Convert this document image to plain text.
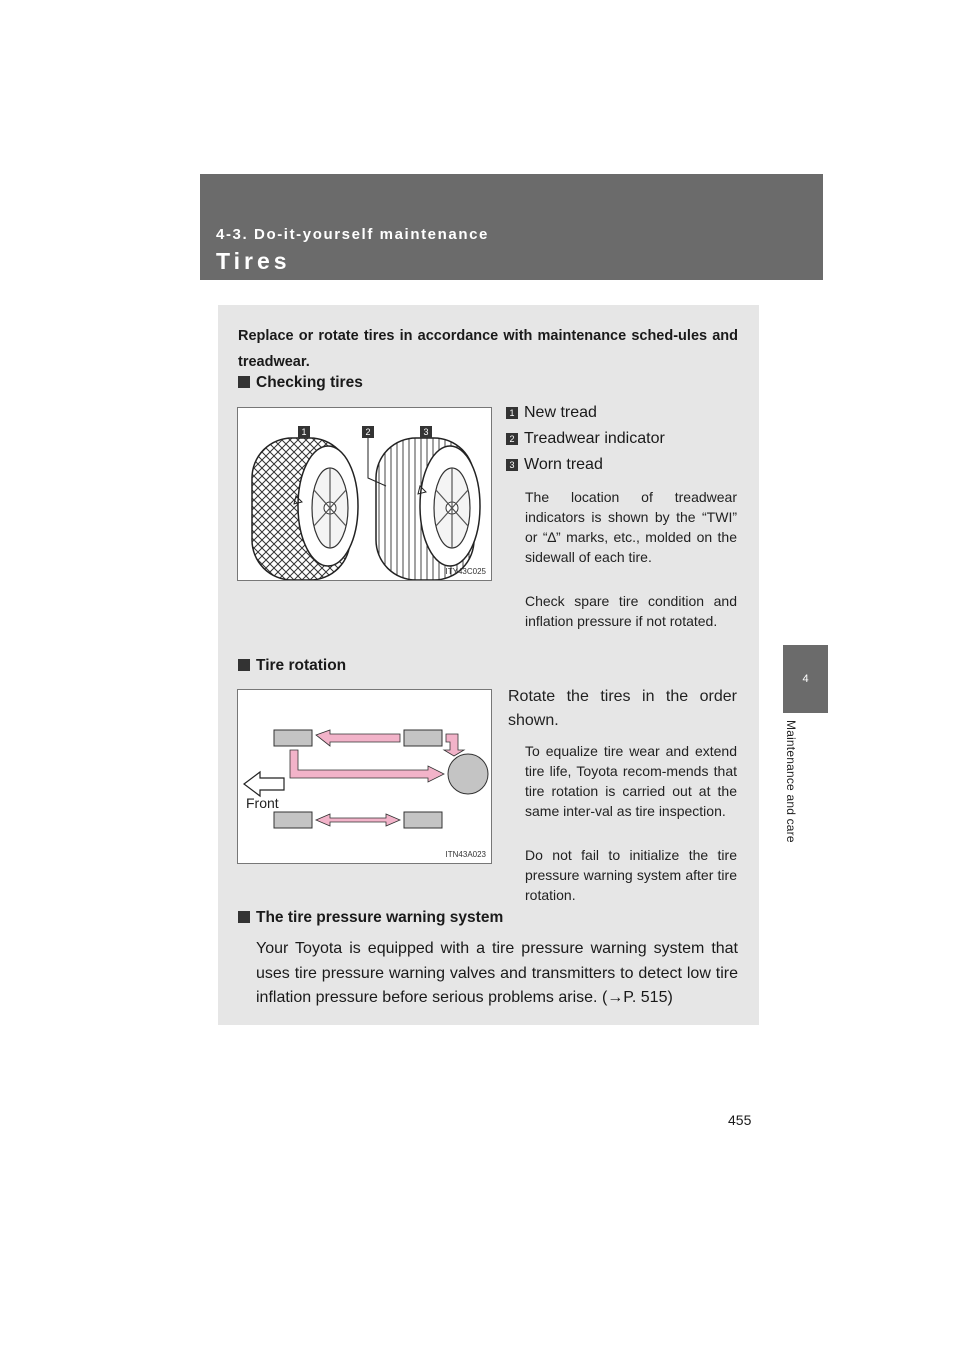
4-3. Do-it-yourself maintenance
Tires
4
Maintenance and care
Replace or rotate tires in accordance with maintenance sched-ules and treadwear.
Checking tires
1	2	3
ITY43C025
1 New tread
2 Treadwear indicator
3 Worn tread
The location of treadwear indicators is shown by the “TWI” or “∆” marks, etc., molded on the sidewall of each tire.
Check spare tire condition and inflation pressure if not rotated.
Tire rotation
Front
ITN43A023
Rotate the tires in the order shown.
To equalize tire wear and extend tire life, Toyota recom-mends that tire rotation is carried out at the same inter-val as tire inspection.
Do not fail to initialize the tire pressure warning system after tire rotation.
The tire pressure warning system
Your Toyota is equipped with a tire pressure warning system that uses tire pressure warning valves and transmitters to detect low tire inflation pressure before serious problems arise. (→P. 515)
455
